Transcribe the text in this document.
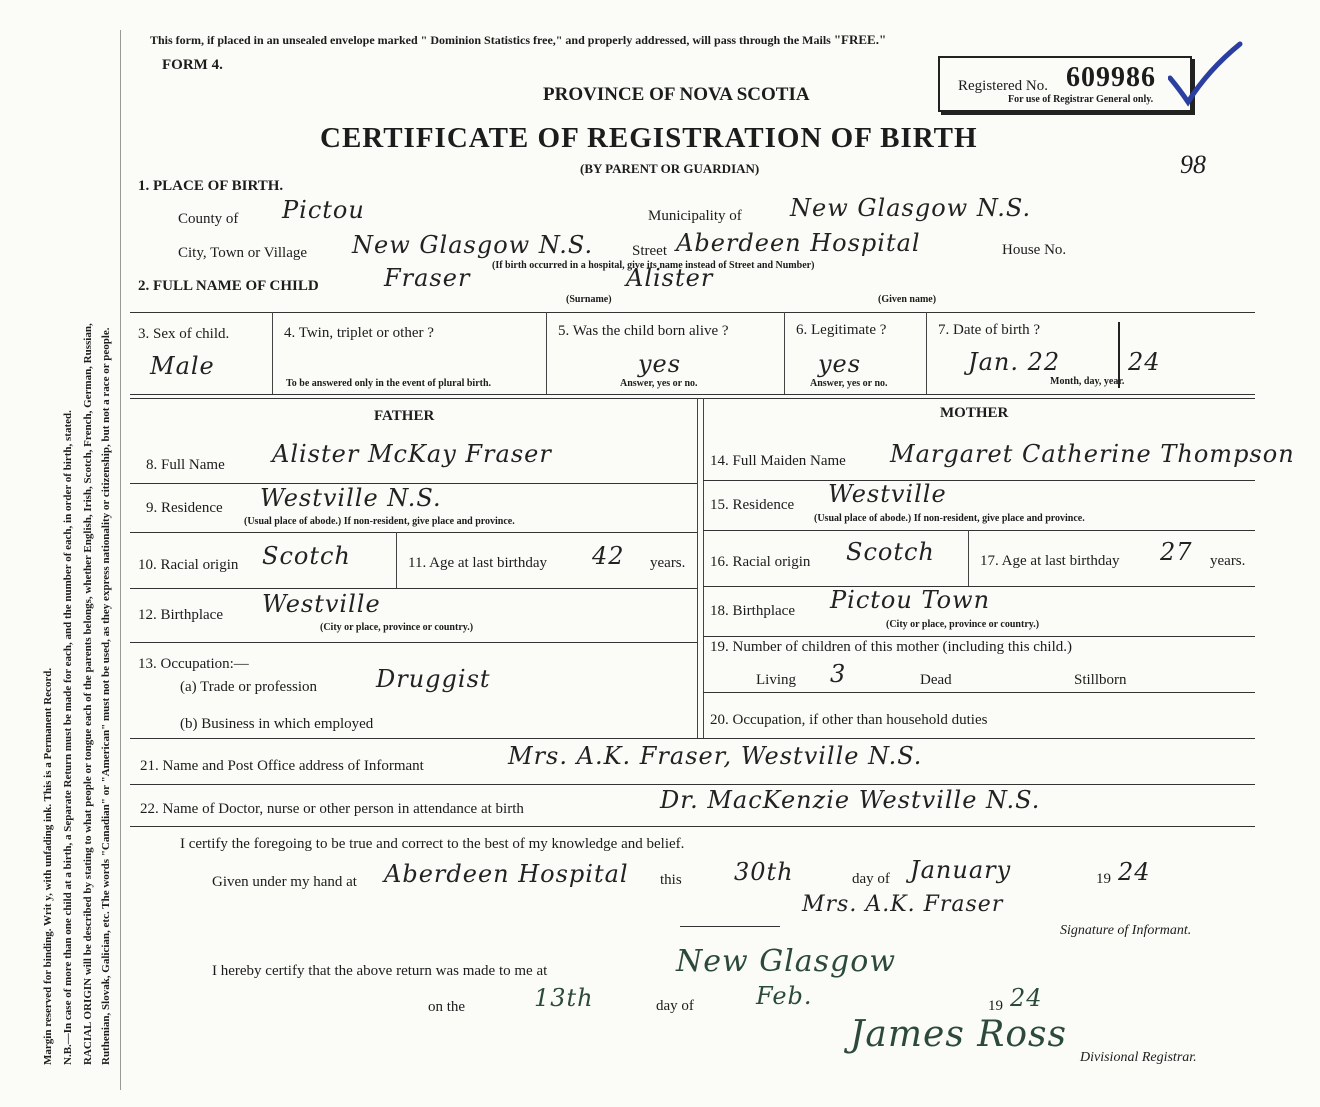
Margin reserved for binding. Writ y, with unfading ink. This is a Permanent Record. N.B.—In case of more than one child at a birth, a Separate Return must be made for each, and the number of each, in order of birth, stated. RACIAL ORIGIN will be described by stating to what people or tongue each of the parents belongs, whether English, Irish, Scotch, French, German, Russian, Ruthenian, Slovak, Galician, etc. The words "Canadian" or "American" must not be used, as they express nationality or citizenship, but not a race or people.
This form, if placed in an unsealed envelope marked " Dominion Statistics free," and properly addressed, will pass through the Mails "FREE."
FORM 4.
PROVINCE OF NOVA SCOTIA
CERTIFICATE OF REGISTRATION OF BIRTH
(BY PARENT OR GUARDIAN)
Registered No. 609986
For use of Registrar General only.
98
1. PLACE OF BIRTH.
County of Pictou	Municipality of New Glasgow N.S.
City, Town or Village New Glasgow N.S.	Street Aberdeen Hospital	House No.
(If birth occurred in a hospital, give its name instead of Street and Number)
2. FULL NAME OF CHILD	Fraser	Alister
(Surname)	(Given name)
3. Sex of child.
Male
4. Twin, triplet or other ?
To be answered only in the event of plural birth.
5. Was the child born alive ?
yes
Answer, yes or no.
6. Legitimate ?
yes
Answer, yes or no.
7. Date of birth ?
Jan. 22	24
Month, day, year.
FATHER	MOTHER
8. Full Name Alister McKay Fraser
9. Residence Westville N.S.
(Usual place of abode.) If non-resident, give place and province.
10. Racial origin Scotch	11. Age at last birthday 42 years.
12. Birthplace Westville
(City or place, province or country.)
13. Occupation:—
(a) Trade or profession Druggist
(b) Business in which employed
14. Full Maiden Name Margaret Catherine Thompson
15. Residence Westville
(Usual place of abode.) If non-resident, give place and province.
16. Racial origin Scotch	17. Age at last birthday 27 years.
18. Birthplace Pictou Town
(City or place, province or country.)
19. Number of children of this mother (including this child.)
Living 3	Dead	Stillborn
20. Occupation, if other than household duties
21. Name and Post Office address of Informant	Mrs. A.K. Fraser, Westville N.S.
22. Name of Doctor, nurse or other person in attendance at birth	Dr. MacKenzie Westville N.S.
I certify the foregoing to be true and correct to the best of my knowledge and belief.
Given under my hand at Aberdeen Hospital this 30th	day of January	19 24
Mrs. A.K. Fraser
Signature of Informant.
I hereby certify that the above return was made to me at	New Glasgow
on the	13th	day of	Feb.	19 24
James Ross
Divisional Registrar.
